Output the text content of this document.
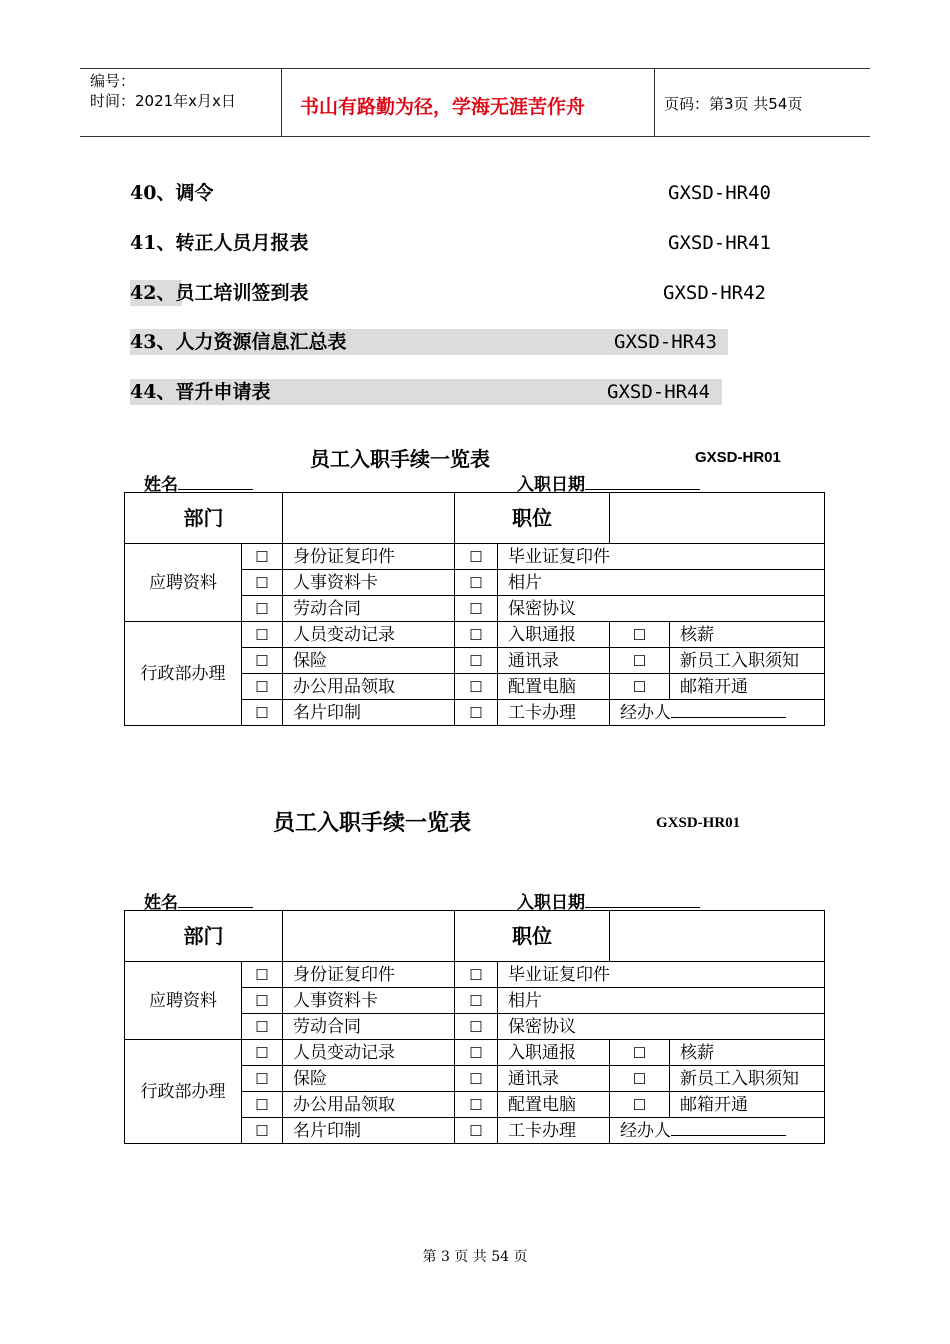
编号：
时间：2021年x月x日	书山有路勤为径，学海无涯苦作舟	页码：第3页 共54页
40、调令	GXSD-HR40
41、转正人员月报表	GXSD-HR41
42、员工培训签到表	GXSD-HR42
43、人力资源信息汇总表	GXSD-HR43
44、晋升申请表	GXSD-HR44
员工入职手续一览表	GXSD-HR01
姓名	入职日期
部门			职位			
应聘资料	☐	身份证复印件	☐	毕业证复印件		
	☐	人事资料卡	☐	相片		
	☐	劳动合同	☐	保密协议		
行政部办理	☐	人员变动记录	☐	入职通报	☐	核薪
	☐	保险	☐	通讯录	☐	新员工入职须知
	☐	办公用品领取	☐	配置电脑	☐	邮箱开通
	☐	名片印制	☐	工卡办理	经办人	
员工入职手续一览表	GXSD-HR01
姓名	入职日期
部门			职位			
应聘资料	☐	身份证复印件	☐	毕业证复印件		
	☐	人事资料卡	☐	相片		
	☐	劳动合同	☐	保密协议		
行政部办理	☐	人员变动记录	☐	入职通报	☐	核薪
	☐	保险	☐	通讯录	☐	新员工入职须知
	☐	办公用品领取	☐	配置电脑	☐	邮箱开通
	☐	名片印制	☐	工卡办理	经办人	
第 3 页 共 54 页
